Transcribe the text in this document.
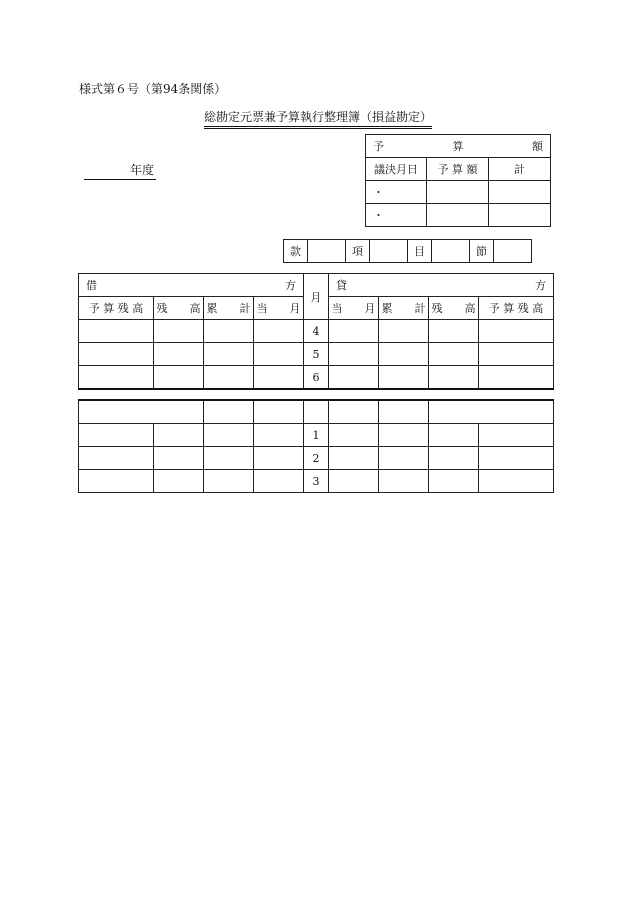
様式第６号（第94条関係）
総勘定元票兼予算執行整理簿（損益勘定）
年度
予 算 額		

議決月日	予 算 額	計
・		
・		
款		項		目		節	
借 方				月	貸 方			

予 算 残 高	残　　高	累　　計	当　　月		当　　月	累　　計	残　　高	予 算 残 高
				4				
				5				
				6				

				1				
				2				
				3				
